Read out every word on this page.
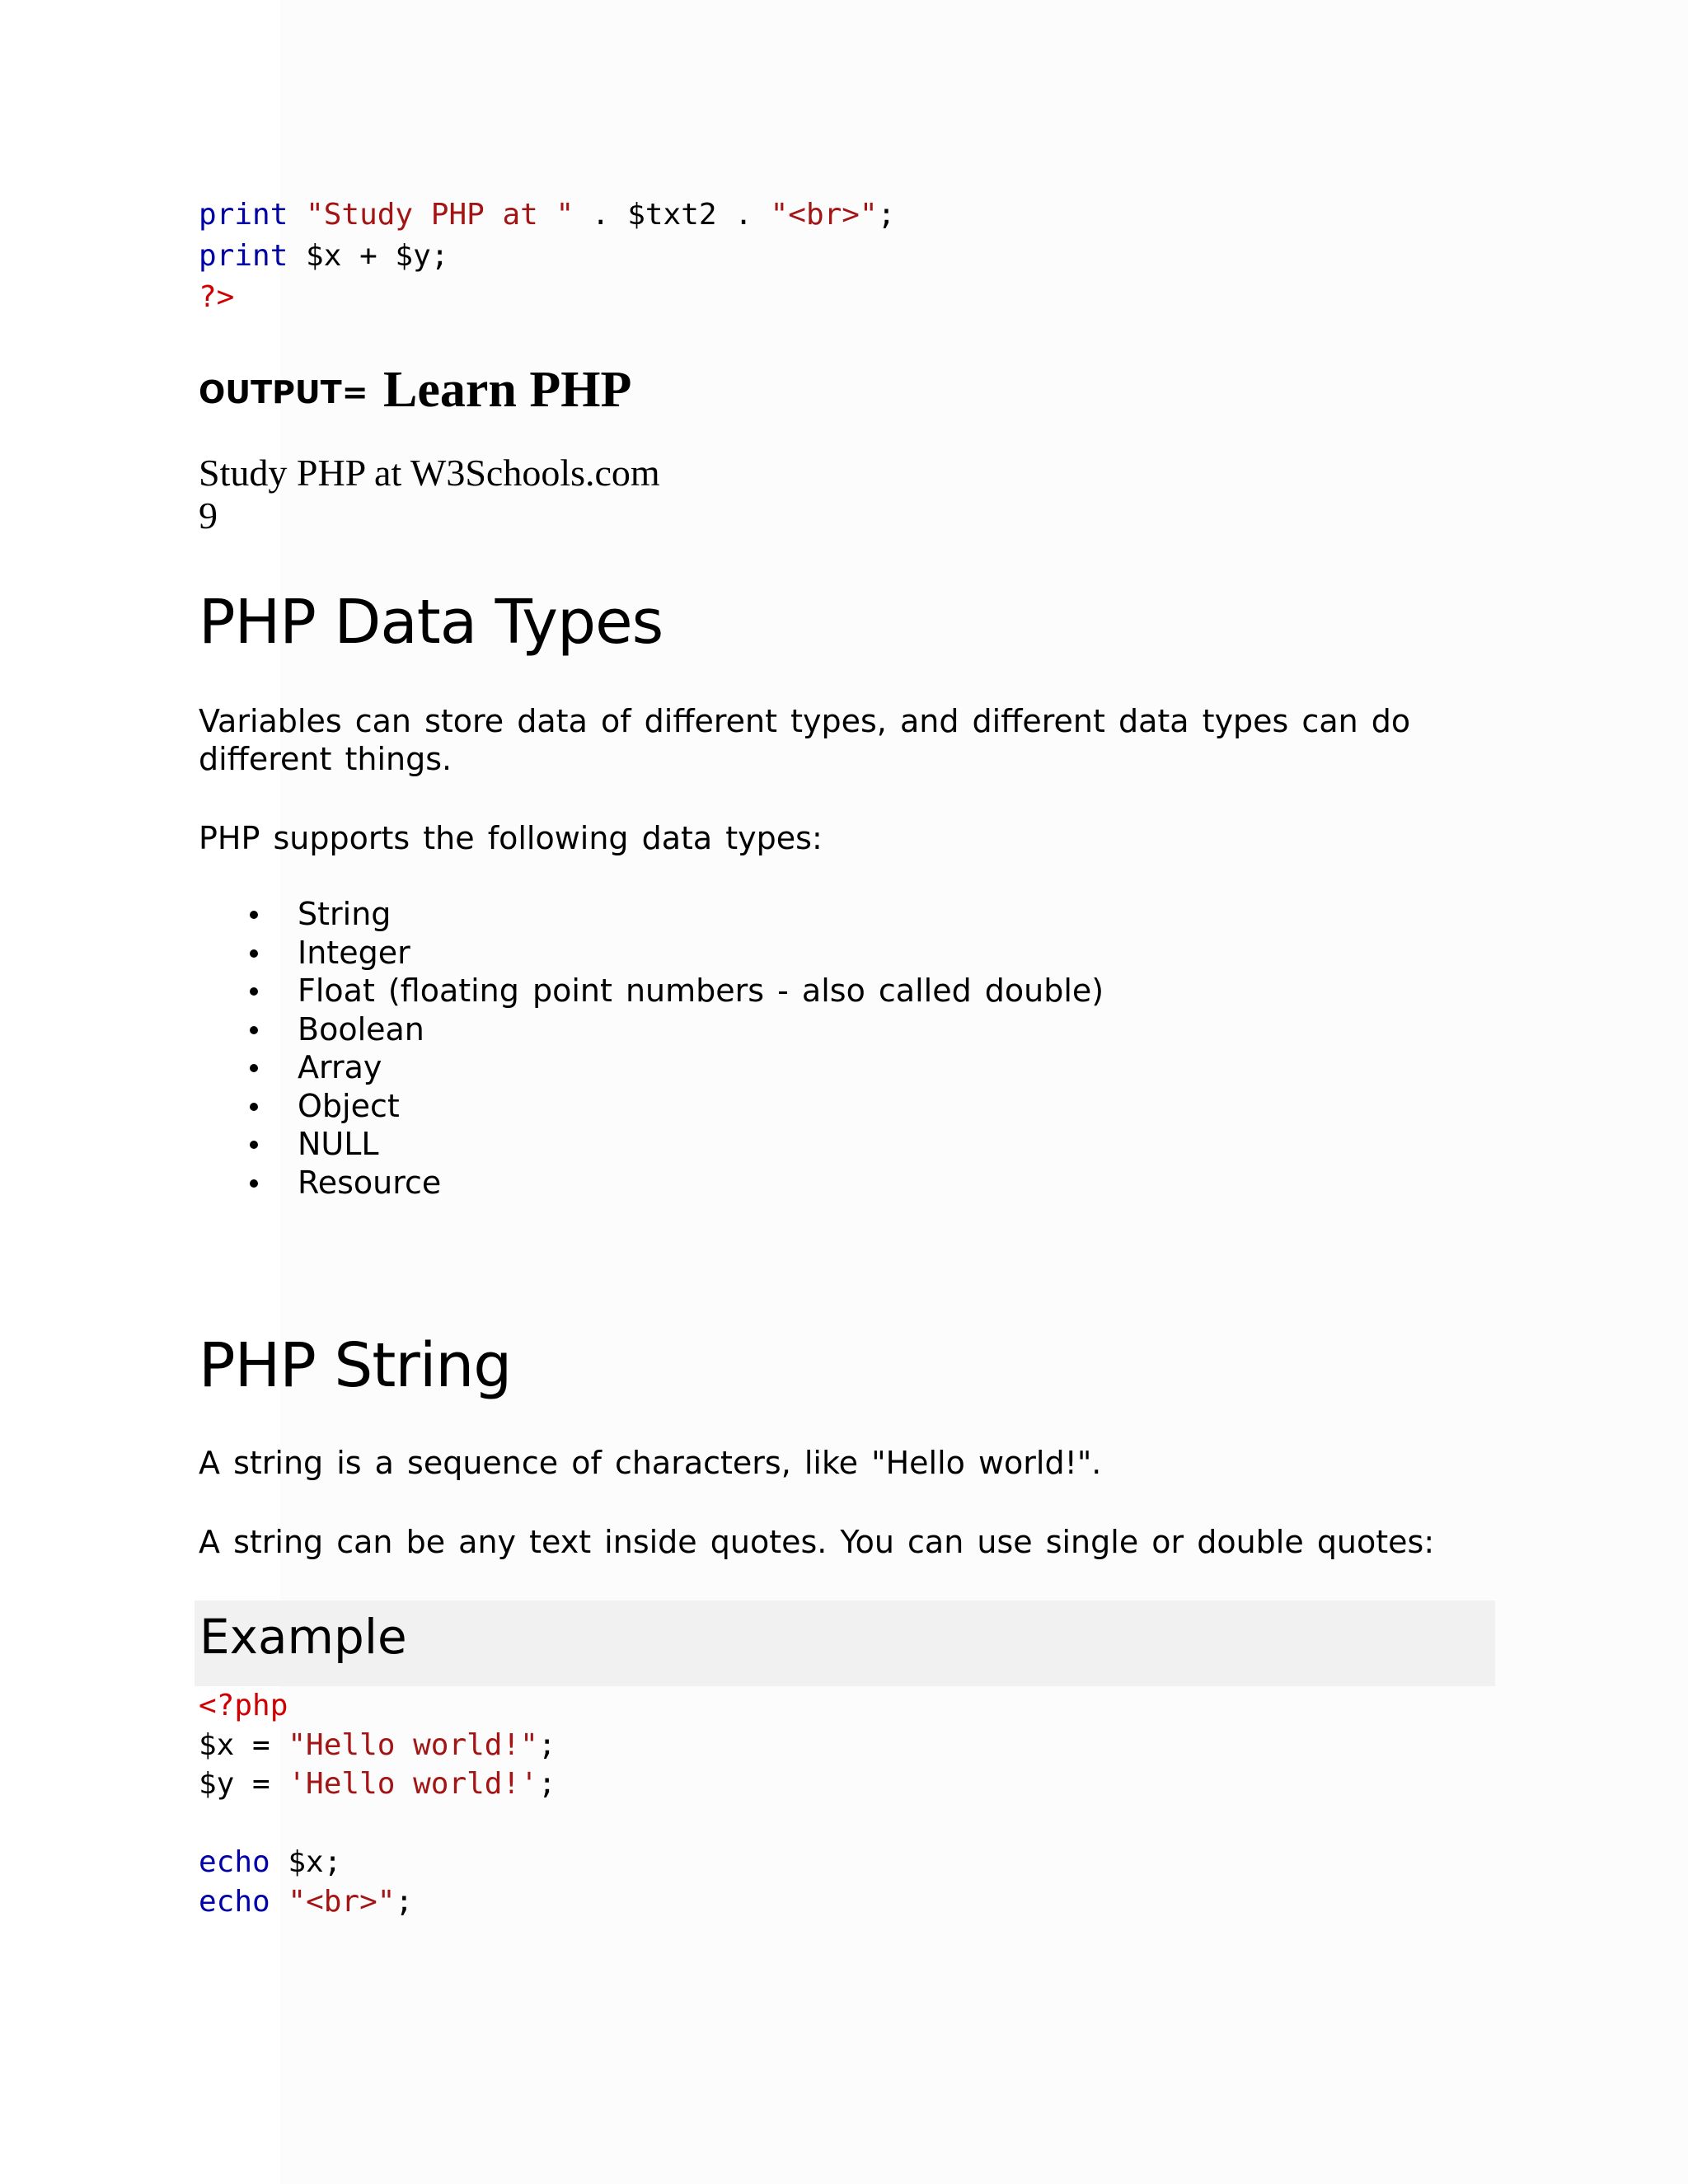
print "Study PHP at " . $txt2 . "<br>";
print $x + $y;
?>
OUTPUT= Learn PHP
Study PHP at W3Schools.com
9
PHP Data Types

Variables can store data of different types, and different data types can do different things.

PHP supports the following data types:

String
Integer
Float (floating point numbers - also called double)
Boolean
Array
Object
NULL
Resource
PHP String

A string is a sequence of characters, like "Hello world!".

A string can be any text inside quotes. You can use single or double quotes:

Example
<?php
$x = "Hello world!";
$y = 'Hello world!';

echo $x;
echo "<br>";
